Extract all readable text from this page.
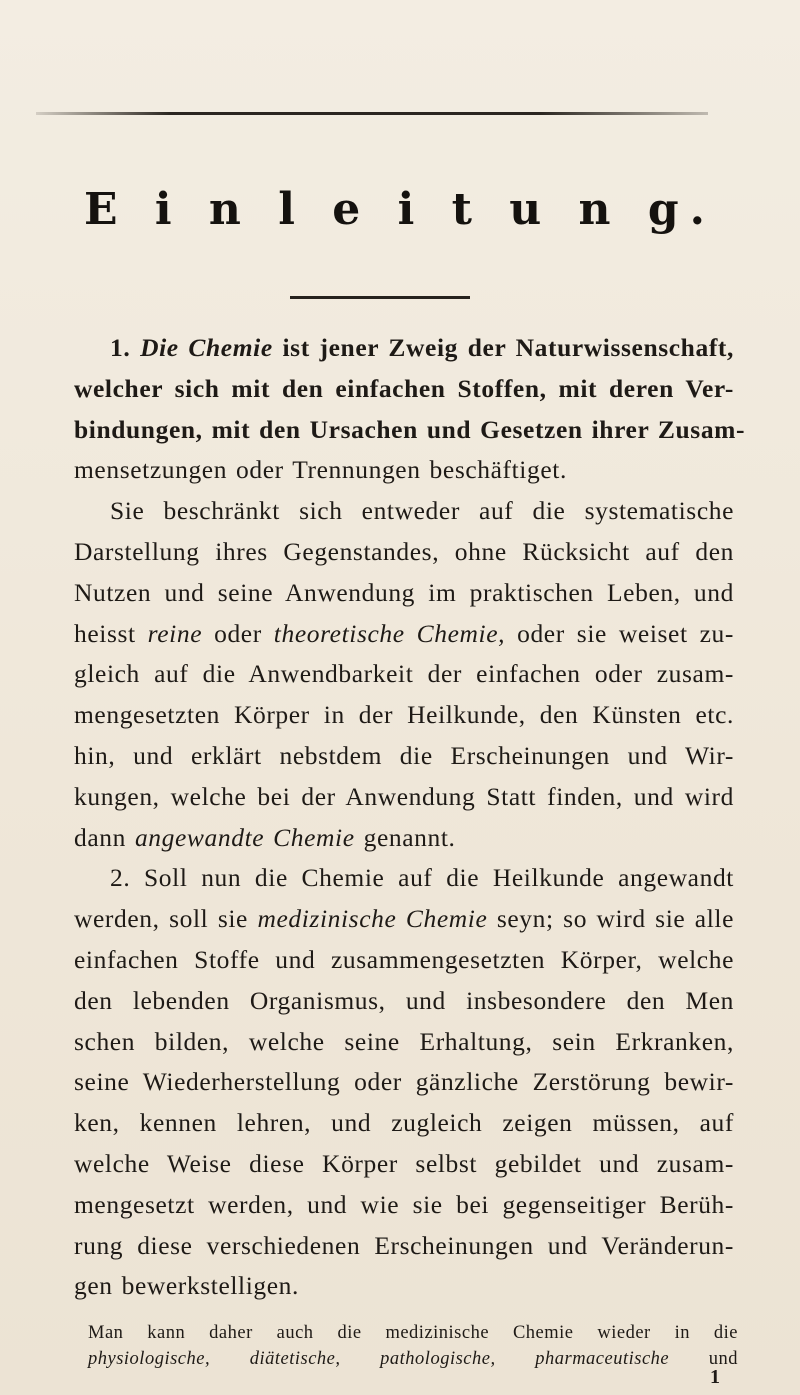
E i n l e i t u n g.
1. Die Chemie ist jener Zweig der Naturwissenschaft,
welcher sich mit den einfachen Stoffen, mit deren Ver-
bindungen, mit den Ursachen und Gesetzen ihrer Zusam-
mensetzungen oder Trennungen beschäftiget.
Sie beschränkt sich entweder auf die systematische
Darstellung ihres Gegenstandes, ohne Rücksicht auf den
Nutzen und seine Anwendung im praktischen Leben, und
heisst reine oder theoretische Chemie, oder sie weiset zu-
gleich auf die Anwendbarkeit der einfachen oder zusam-
mengesetzten Körper in der Heilkunde, den Künsten etc.
hin, und erklärt nebstdem die Erscheinungen und Wir-
kungen, welche bei der Anwendung Statt finden, und wird
dann angewandte Chemie genannt.
2. Soll nun die Chemie auf die Heilkunde angewandt
werden, soll sie medizinische Chemie seyn; so wird sie alle
einfachen Stoffe und zusammengesetzten Körper, welche
den lebenden Organismus, und insbesondere den Men
schen bilden, welche seine Erhaltung, sein Erkranken,
seine Wiederherstellung oder gänzliche Zerstörung bewir-
ken, kennen lehren, und zugleich zeigen müssen, auf
welche Weise diese Körper selbst gebildet und zusam-
mengesetzt werden, und wie sie bei gegenseitiger Berüh-
rung diese verschiedenen Erscheinungen und Veränderun-
gen bewerkstelligen.
Man kann daher auch die medizinische Chemie wieder in die
physiologische, diätetische, pathologische, pharmaceutische und
1
